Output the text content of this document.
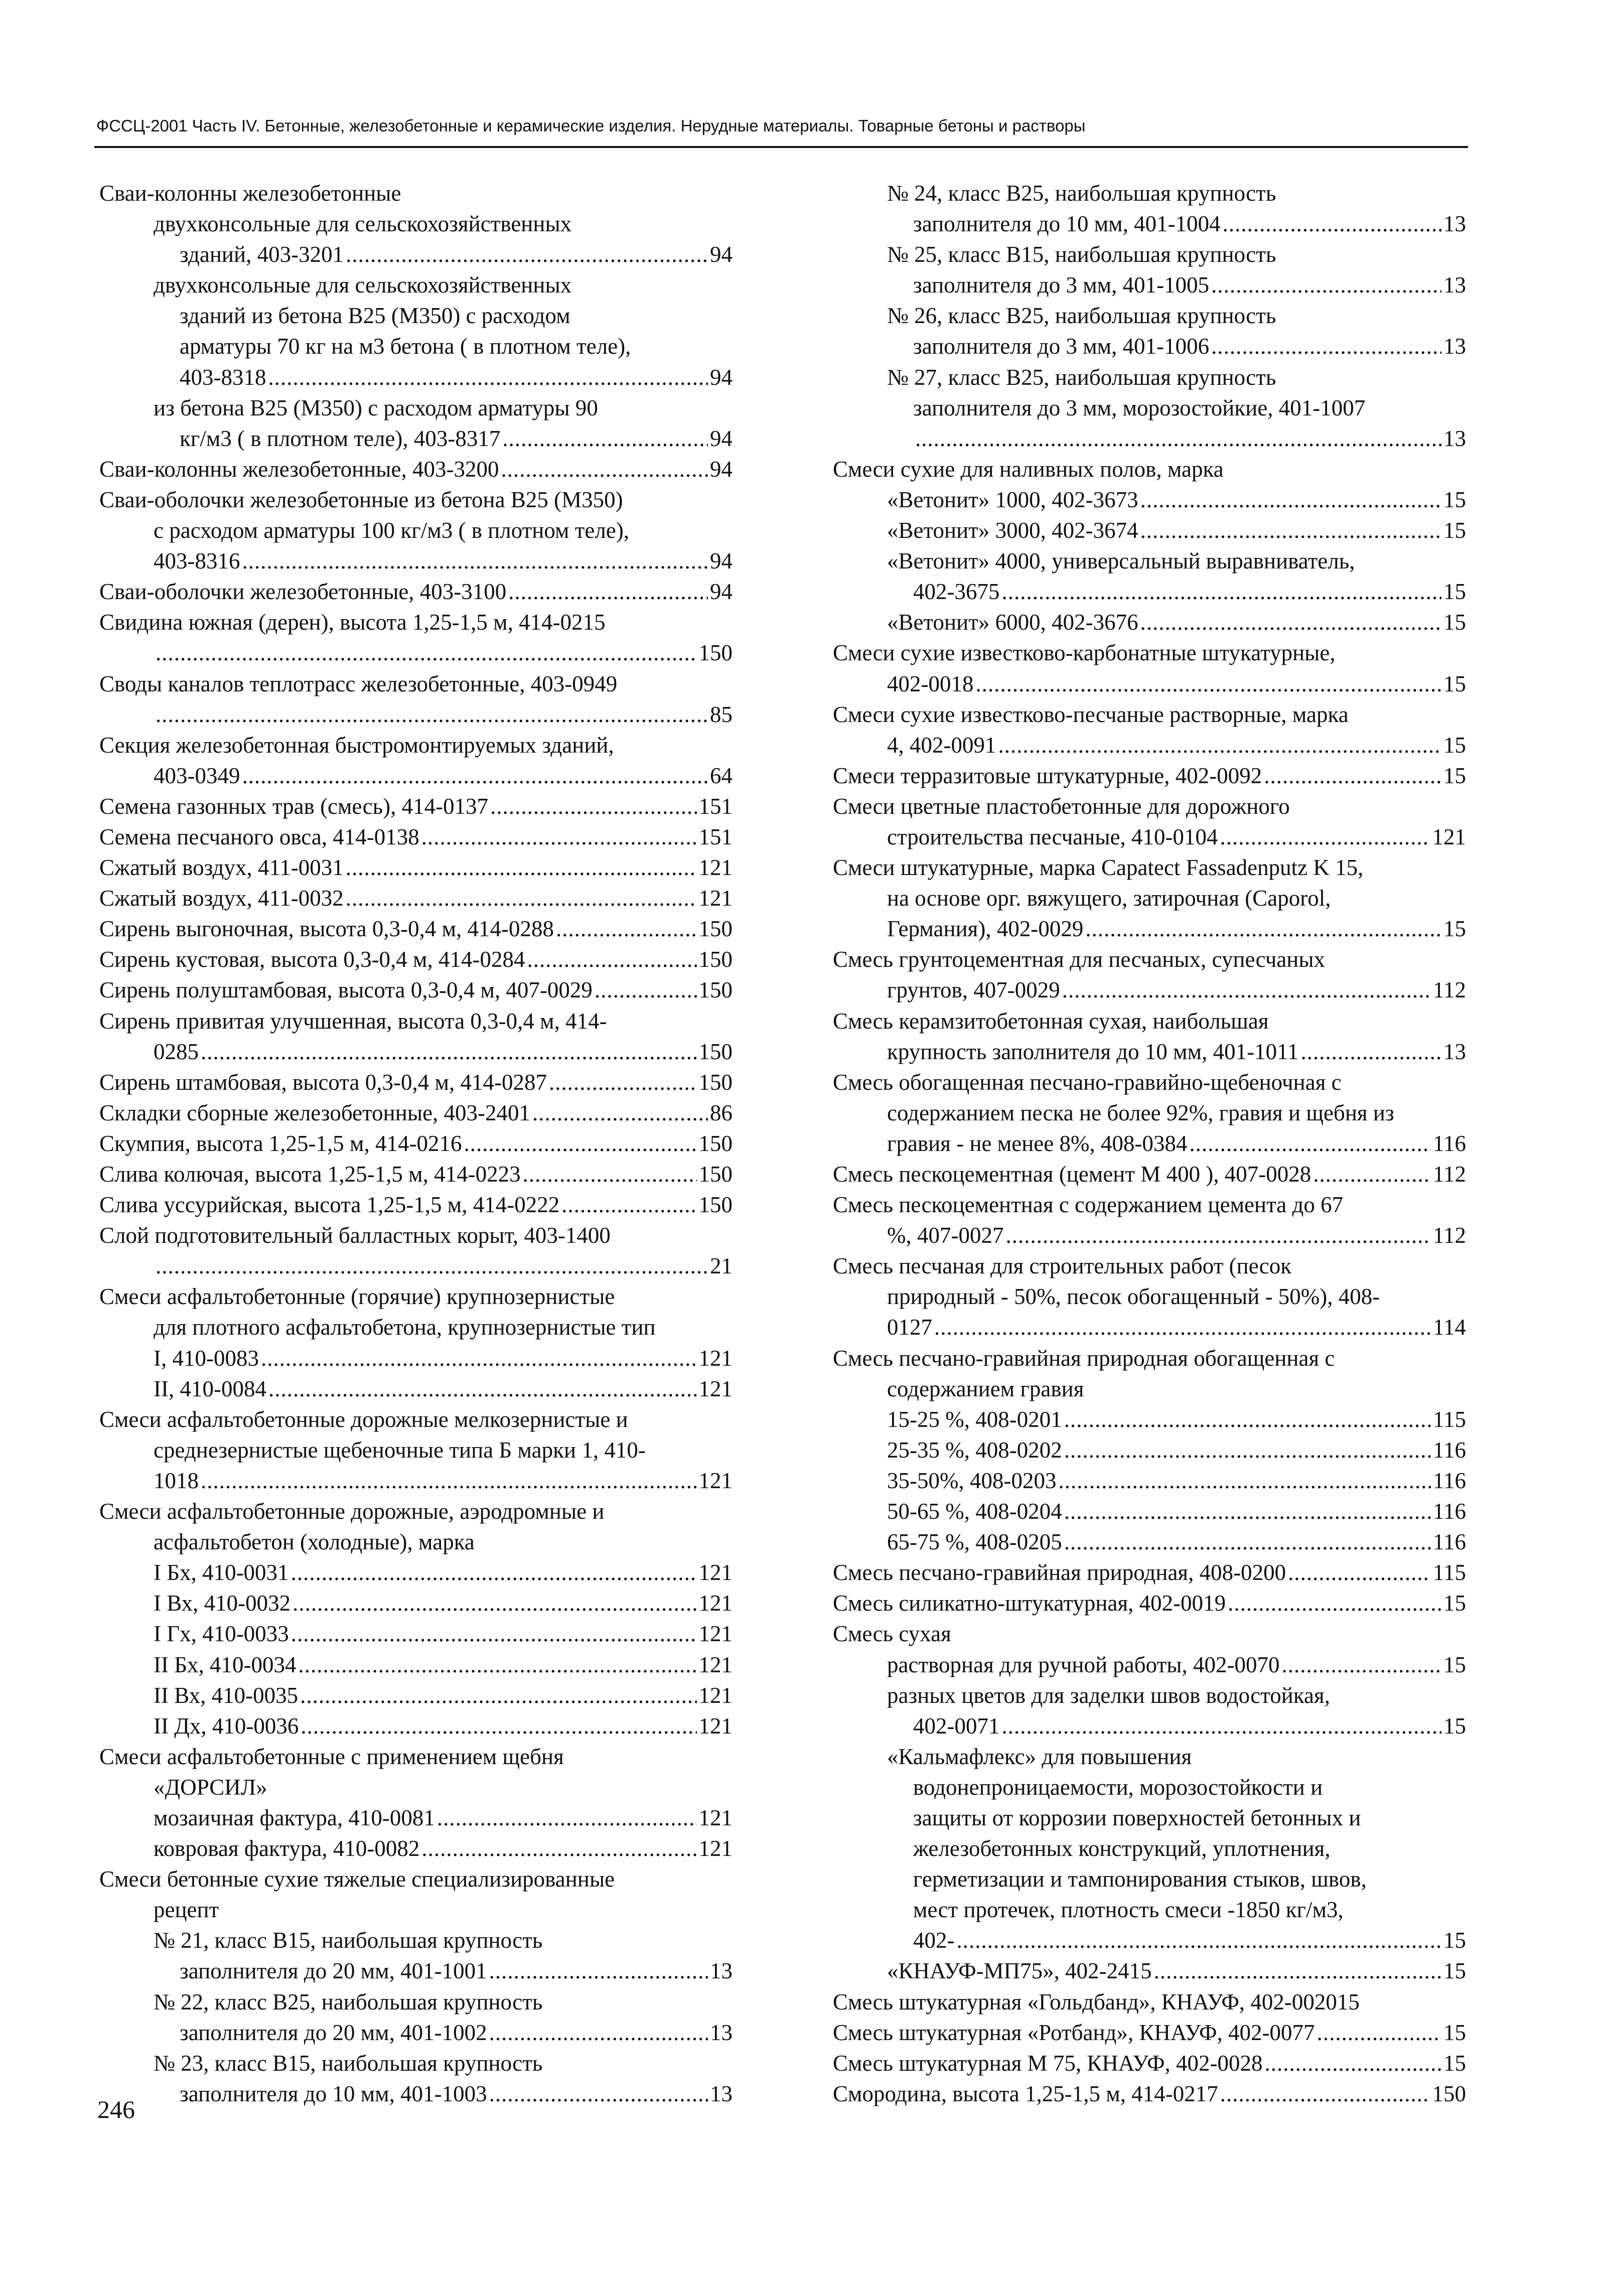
ФССЦ-2001 Часть IV. Бетонные, железобетонные и керамические изделия. Нерудные материалы. Товарные бетоны и растворы
Сваи-колонны железобетонные
двухконсольные для сельскохозяйственных
зданий, 403-3201 .....	94
двухконсольные для сельскохозяйственных
зданий из бетона В25 (М350) с расходом
арматуры 70 кг на м3 бетона ( в плотном теле),
403-8318 .....	94
из бетона В25 (М350) с расходом арматуры 90
кг/м3 ( в плотном теле), 403-8317 .....	94
Сваи-колонны железобетонные, 403-3200 .....	94
Сваи-оболочки железобетонные из бетона В25 (М350)
с расходом арматуры 100 кг/м3 ( в плотном теле),
403-8316 .....	94
Сваи-оболочки железобетонные, 403-3100 .....	94
Свидина южная (дерен), высота 1,25-1,5 м, 414-0215
.....
150
Своды каналов теплотрасс железобетонные, 403-0949
.....
85
Секция железобетонная быстромонтируемых зданий,
403-0349 .....	64
Семена газонных трав (смесь), 414-0137 .....	151
Семена песчаного овса, 414-0138 .....	151
Сжатый воздух, 411-0031 .....	121
Сжатый воздух, 411-0032 .....	121
Сирень выгоночная, высота 0,3-0,4 м, 414-0288 .....	150
Сирень кустовая, высота 0,3-0,4 м, 414-0284 .....	150
Сирень полуштамбовая, высота 0,3-0,4 м, 407-0029 .....	150
Сирень привитая улучшенная, высота 0,3-0,4 м, 414-
0285 .....	150
Сирень штамбовая, высота 0,3-0,4 м, 414-0287 .....	150
Складки сборные железобетонные, 403-2401 .....	86
Скумпия, высота 1,25-1,5 м, 414-0216 .....	150
Слива колючая, высота 1,25-1,5 м, 414-0223 .....	150
Слива уссурийская, высота 1,25-1,5 м, 414-0222 .....	150
Слой подготовительный балластных корыт, 403-1400
.....
21
Смеси асфальтобетонные (горячие) крупнозернистые
для плотного асфальтобетона, крупнозернистые тип
I, 410-0083 .....	121
II, 410-0084 .....	121
Смеси асфальтобетонные дорожные мелкозернистые и
среднезернистые щебеночные типа Б марки 1, 410-
1018 .....	121
Смеси асфальтобетонные дорожные, аэродромные и
асфальтобетон (холодные), марка
I Бх, 410-0031 .....	121
I Вх, 410-0032 .....	121
I Гх, 410-0033 .....	121
II Бх, 410-0034 .....	121
II Вх, 410-0035 .....	121
II Дх, 410-0036 .....	121
Смеси асфальтобетонные с применением щебня
«ДОРСИЛ»
мозаичная фактура, 410-0081 .....	121
ковровая фактура, 410-0082 .....	121
Смеси бетонные сухие тяжелые специализированные
рецепт
№ 21, класс В15, наибольшая крупность
заполнителя до 20 мм, 401-1001 .....	13
№ 22, класс В25, наибольшая крупность
заполнителя до 20 мм, 401-1002 .....	13
№ 23, класс В15, наибольшая крупность
заполнителя до 10 мм, 401-1003 .....	13
№ 24, класс В25, наибольшая крупность
заполнителя до 10 мм, 401-1004 .....	13
№ 25, класс В15, наибольшая крупность
заполнителя до 3 мм, 401-1005 .....	13
№ 26, класс В25, наибольшая крупность
заполнителя до 3 мм, 401-1006 .....	13
№ 27, класс В25, наибольшая крупность
заполнителя до 3 мм, морозостойкие, 401-1007
.....
13
Смеси сухие для наливных полов, марка
«Ветонит» 1000, 402-3673 .....	15
«Ветонит» 3000, 402-3674 .....	15
«Ветонит» 4000, универсальный выравниватель,
402-3675 .....	15
«Ветонит» 6000, 402-3676 .....	15
Смеси сухие известково-карбонатные штукатурные,
402-0018 .....	15
Смеси сухие известково-песчаные растворные, марка
4, 402-0091 .....	15
Смеси терразитовые штукатурные, 402-0092 .....	15
Смеси цветные пластобетонные для дорожного
строительства песчаные, 410-0104 .....	121
Смеси штукатурные, марка Capatect Fassadenputz K 15,
на основе орг. вяжущего, затирочная (Caporol,
Германия), 402-0029 .....	15
Смесь грунтоцементная для песчаных, супесчаных
грунтов, 407-0029 .....	112
Смесь керамзитобетонная сухая, наибольшая
крупность заполнителя до 10 мм, 401-1011 .....	13
Смесь обогащенная песчано-гравийно-щебеночная с
содержанием песка не более 92%, гравия и щебня из
гравия - не менее 8%, 408-0384 .....	116
Смесь пескоцементная (цемент М 400 ), 407-0028 .....	112
Смесь пескоцементная с содержанием цемента до 67
%, 407-0027 .....	112
Смесь песчаная для строительных работ (песок
природный - 50%, песок обогащенный - 50%), 408-
0127 .....	114
Смесь песчано-гравийная природная обогащенная с
содержанием гравия
15-25 %, 408-0201 .....	115
25-35 %, 408-0202 .....	116
35-50%, 408-0203 .....	116
50-65 %, 408-0204 .....	116
65-75 %, 408-0205 .....	116
Смесь песчано-гравийная природная, 408-0200 .....	115
Смесь силикатно-штукатурная, 402-0019 .....	15
Смесь сухая
растворная для ручной работы, 402-0070 .....	15
разных цветов для заделки швов водостойкая,
402-0071 .....	15
«Кальмафлекс» для повышения
водонепроницаемости, морозостойкости и
защиты от коррозии поверхностей бетонных и
железобетонных конструкций, уплотнения,
герметизации и тампонирования стыков, швов,
мест протечек, плотность смеси -1850 кг/м3,
402- .....	15
«КНАУФ-МП75», 402-2415 .....	15
Смесь штукатурная «Гольдбанд», КНАУФ, 402-002015
Смесь штукатурная «Ротбанд», КНАУФ, 402-0077 .....	15
Смесь штукатурная М 75, КНАУФ, 402-0028 .....	15
Смородина, высота 1,25-1,5 м, 414-0217 .....	150
246
